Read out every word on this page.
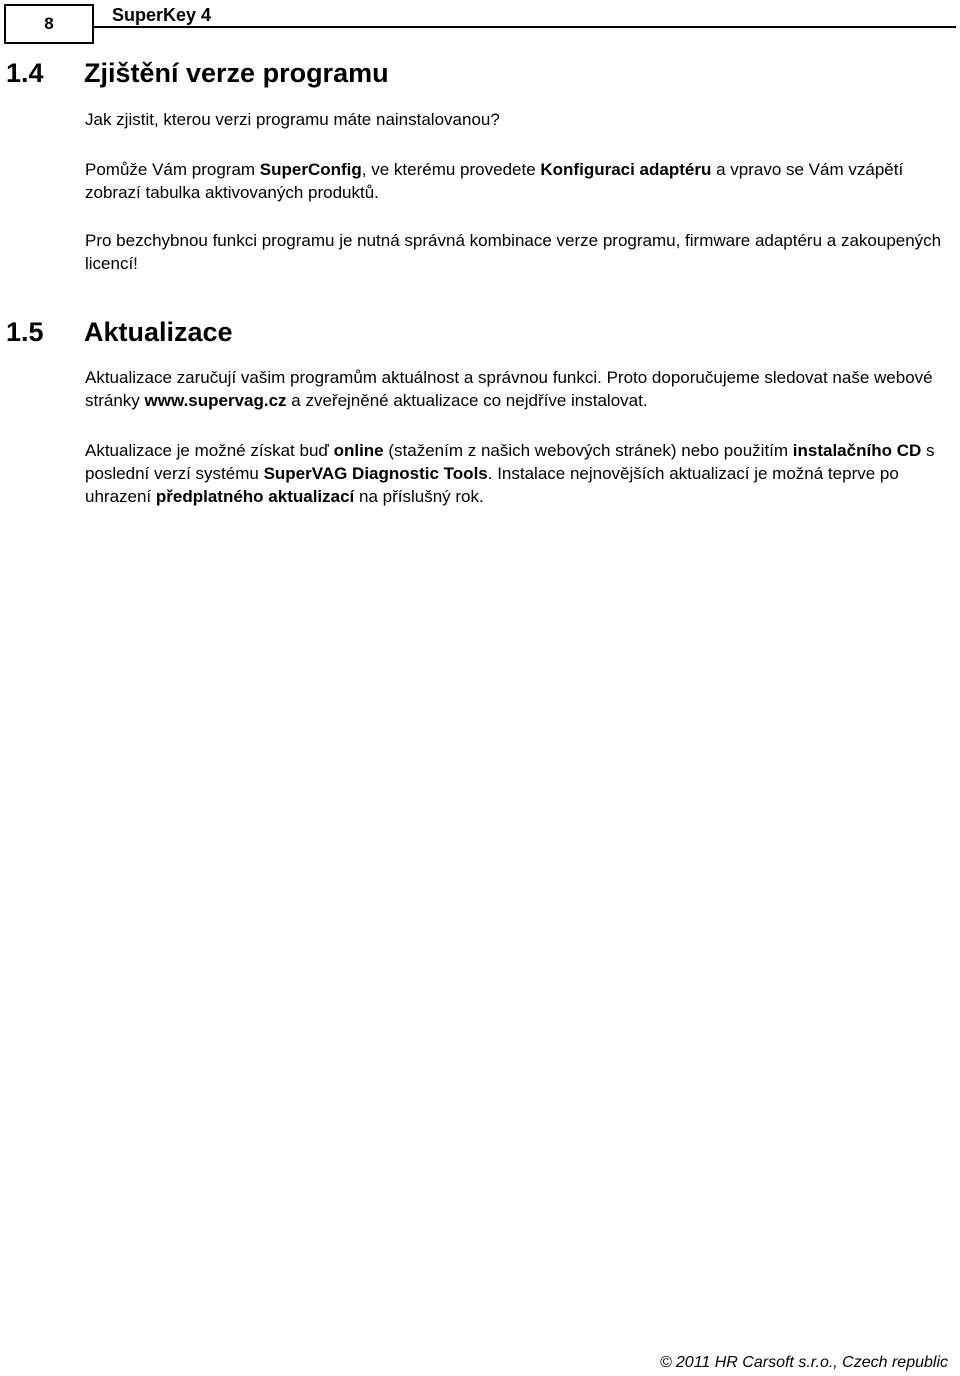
8	SuperKey 4
1.4 Zjištění verze programu
Jak zjistit, kterou verzi programu máte nainstalovanou?
Pomůže Vám program SuperConfig, ve kterému provedete Konfiguraci adaptéru a vpravo se Vám vzápětí zobrazí tabulka aktivovaných produktů.
Pro bezchybnou funkci programu je nutná správná kombinace verze programu, firmware adaptéru a zakoupených licencí!
1.5 Aktualizace
Aktualizace zaručují vašim programům aktuálnost a správnou funkci. Proto doporučujeme sledovat naše webové stránky www.supervag.cz a zveřejněné aktualizace co nejdříve instalovat.
Aktualizace je možné získat buď online (stažením z našich webových stránek) nebo použitím instalačního CD s poslední verzí systému SuperVAG Diagnostic Tools. Instalace nejnovějších aktualizací je možná teprve po uhrazení předplatného aktualizací na příslušný rok.
© 2011 HR Carsoft s.r.o., Czech republic
